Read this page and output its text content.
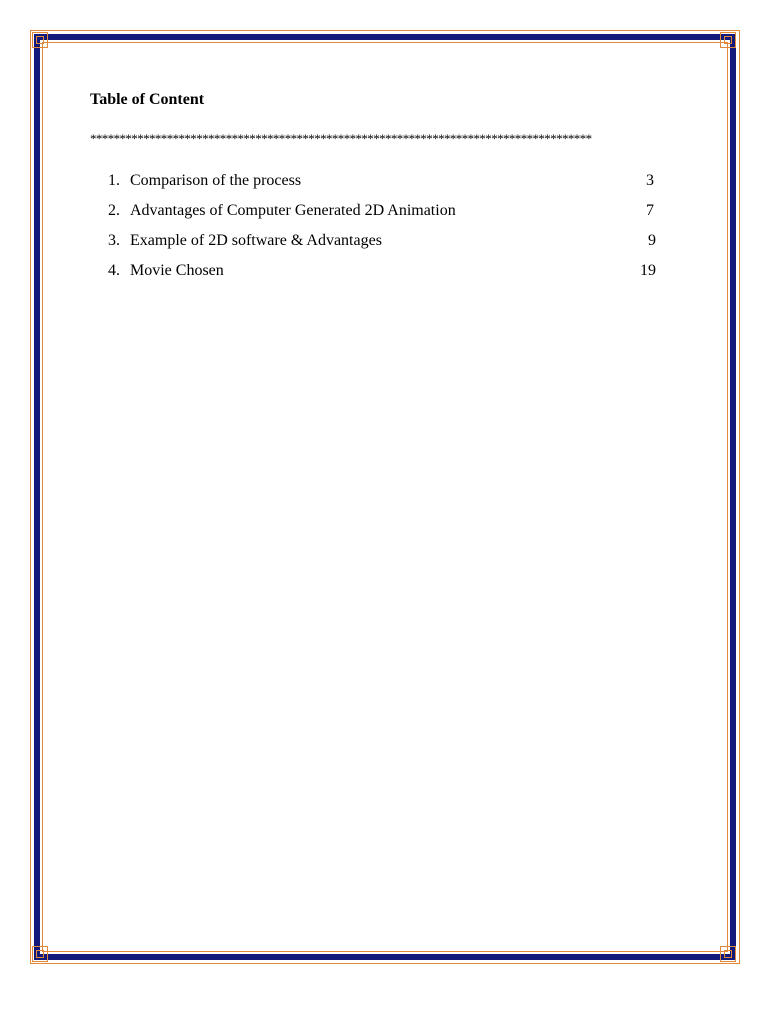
Table of Content
*************************************************************************************
1. Comparison of the process	3
2. Advantages of Computer Generated 2D Animation	7
3. Example of 2D software & Advantages	9
4. Movie Chosen	19
